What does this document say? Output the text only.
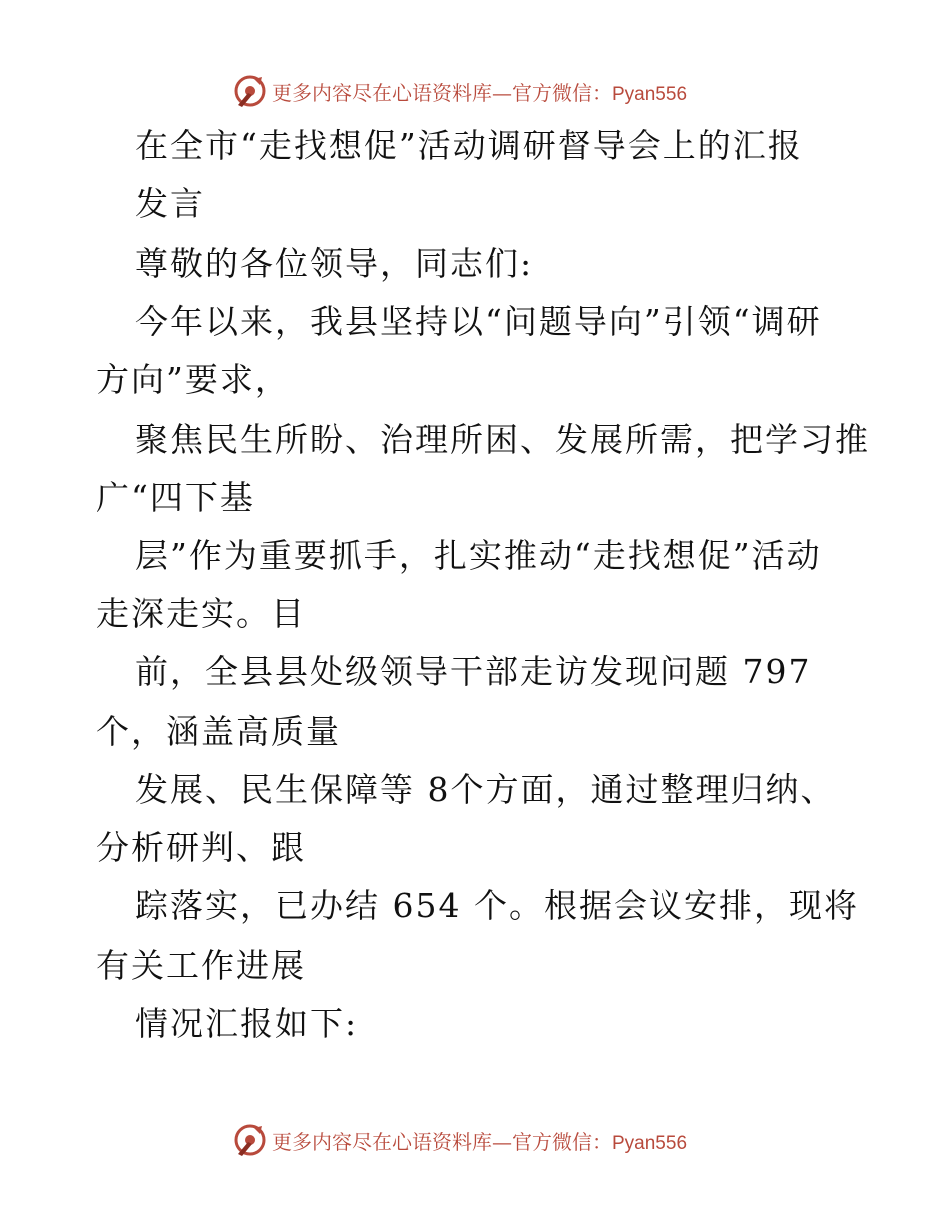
更多内容尽在心语资料库—官方微信：Pyan556
在全市“走找想促”活动调研督导会上的汇报
发言
尊敬的各位领导，同志们:
今年以来，我县坚持以“问题导向”引领“调研
方向”要求，
聚焦民生所盼、治理所困、发展所需，把学习推
广“四下基
层”作为重要抓手，扎实推动“走找想促”活动
走深走实。目
前，全县县处级领导干部走访发现问题 797
个，涵盖高质量
发展、民生保障等 8个方面，通过整理归纳、
分析研判、跟
踪落实，已办结 654 个。根据会议安排，现将
有关工作进展
情况汇报如下:
更多内容尽在心语资料库—官方微信：Pyan556
